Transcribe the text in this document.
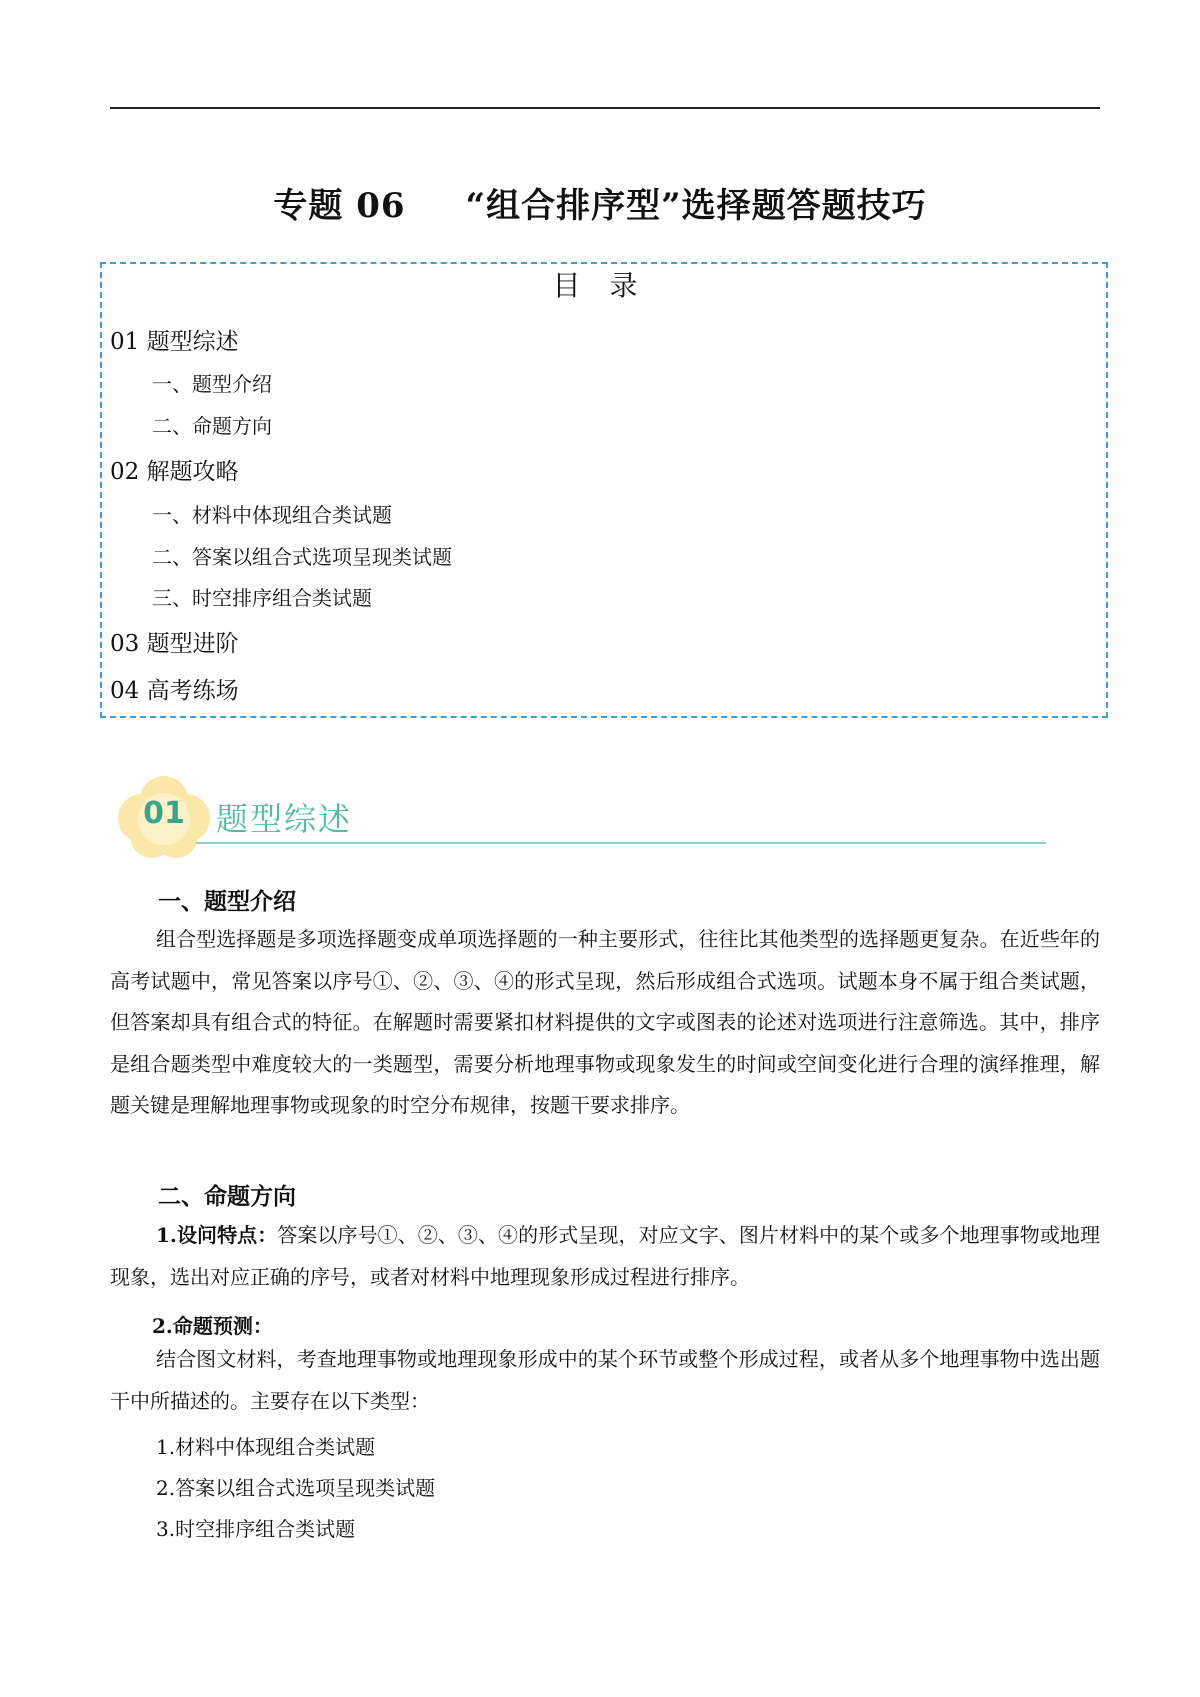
专题 06 “组合排序型”选择题答题技巧
目 录
01 题型综述
一、题型介绍
二、命题方向
02 解题攻略
一、材料中体现组合类试题
二、答案以组合式选项呈现类试题
三、时空排序组合类试题
03 题型进阶
04 高考练场
01 题型综述
一、题型介绍
组合型选择题是多项选择题变成单项选择题的一种主要形式，往往比其他类型的选择题更复杂。在近些年的高考试题中，常见答案以序号①、②、③、④的形式呈现，然后形成组合式选项。试题本身不属于组合类试题，但答案却具有组合式的特征。在解题时需要紧扣材料提供的文字或图表的论述对选项进行注意筛选。其中，排序是组合题类型中难度较大的一类题型，需要分析地理事物或现象发生的时间或空间变化进行合理的演绎推理，解题关键是理解地理事物或现象的时空分布规律，按题干要求排序。
二、命题方向
1.设问特点：答案以序号①、②、③、④的形式呈现，对应文字、图片材料中的某个或多个地理事物或地理现象，选出对应正确的序号，或者对材料中地理现象形成过程进行排序。
2.命题预测：
结合图文材料，考查地理事物或地理现象形成中的某个环节或整个形成过程，或者从多个地理事物中选出题干中所描述的。主要存在以下类型：
1.材料中体现组合类试题
2.答案以组合式选项呈现类试题
3.时空排序组合类试题
